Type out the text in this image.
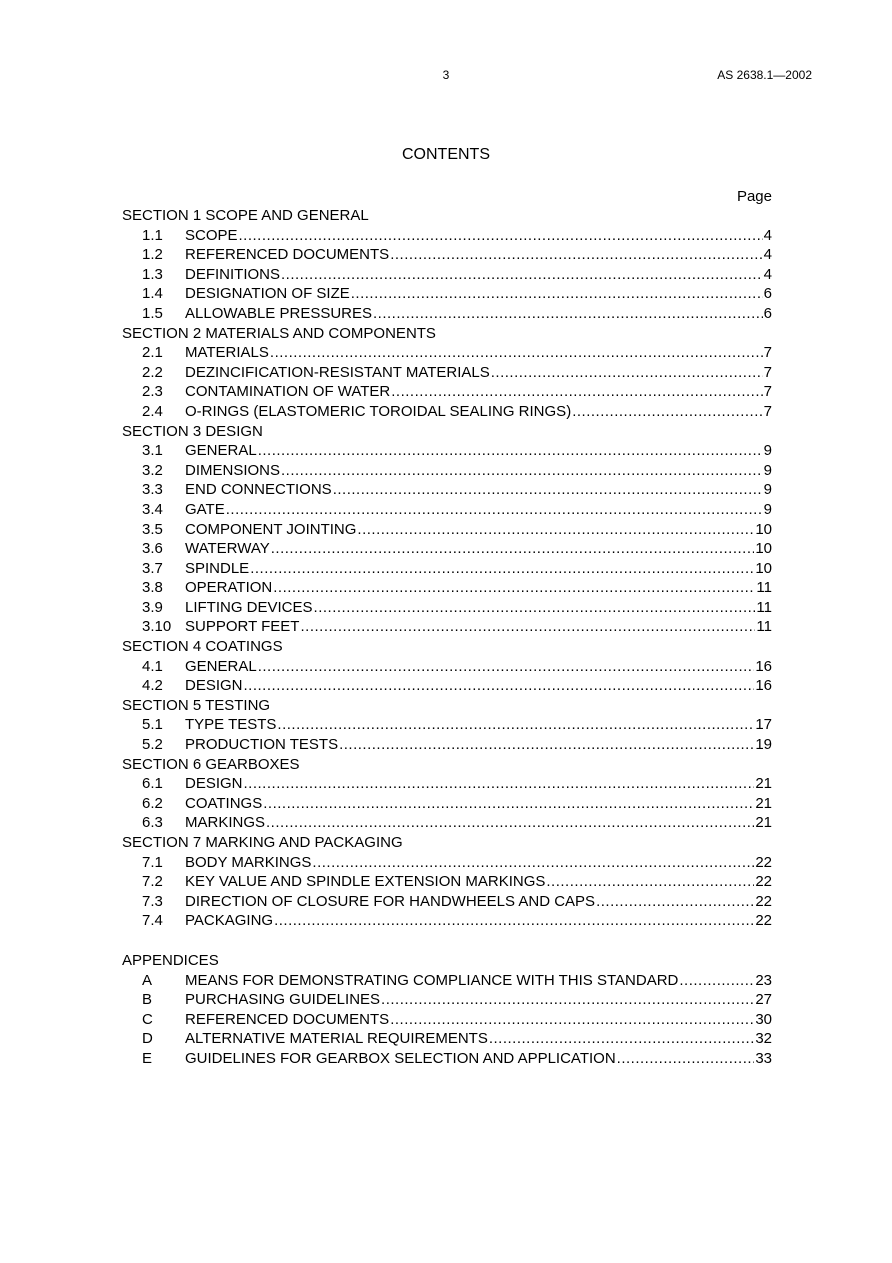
3	AS 2638.1—2002
CONTENTS
Page
SECTION 1 SCOPE AND GENERAL
1.1	SCOPE .....	4
1.2	REFERENCED DOCUMENTS .....	4
1.3	DEFINITIONS .....	4
1.4	DESIGNATION OF SIZE .....	6
1.5	ALLOWABLE PRESSURES .....	6
SECTION 2 MATERIALS AND COMPONENTS
2.1	MATERIALS .....	7
2.2	DEZINCIFICATION-RESISTANT MATERIALS .....	7
2.3	CONTAMINATION OF WATER .....	7
2.4	O-RINGS (ELASTOMERIC TOROIDAL SEALING RINGS) .....	7
SECTION 3 DESIGN
3.1	GENERAL .....	9
3.2	DIMENSIONS .....	9
3.3	END CONNECTIONS .....	9
3.4	GATE .....	9
3.5	COMPONENT JOINTING .....	10
3.6	WATERWAY .....	10
3.7	SPINDLE .....	10
3.8	OPERATION .....	11
3.9	LIFTING DEVICES .....	11
3.10 SUPPORT FEET .....	11
SECTION 4 COATINGS
4.1	GENERAL .....	16
4.2	DESIGN .....	16
SECTION 5 TESTING
5.1	TYPE TESTS .....	17
5.2	PRODUCTION TESTS .....	19
SECTION 6 GEARBOXES
6.1	DESIGN .....	21
6.2	COATINGS .....	21
6.3	MARKINGS .....	21
SECTION 7 MARKING AND PACKAGING
7.1	BODY MARKINGS .....	22
7.2	KEY VALUE AND SPINDLE EXTENSION MARKINGS .....	22
7.3	DIRECTION OF CLOSURE FOR HANDWHEELS AND CAPS .....	22
7.4	PACKAGING .....	22
APPENDICES
A	MEANS FOR DEMONSTRATING COMPLIANCE WITH THIS STANDARD .....	23
B	PURCHASING GUIDELINES .....	27
C	REFERENCED DOCUMENTS .....	30
D	ALTERNATIVE MATERIAL REQUIREMENTS .....	32
E	GUIDELINES FOR GEARBOX SELECTION AND APPLICATION .....	33
